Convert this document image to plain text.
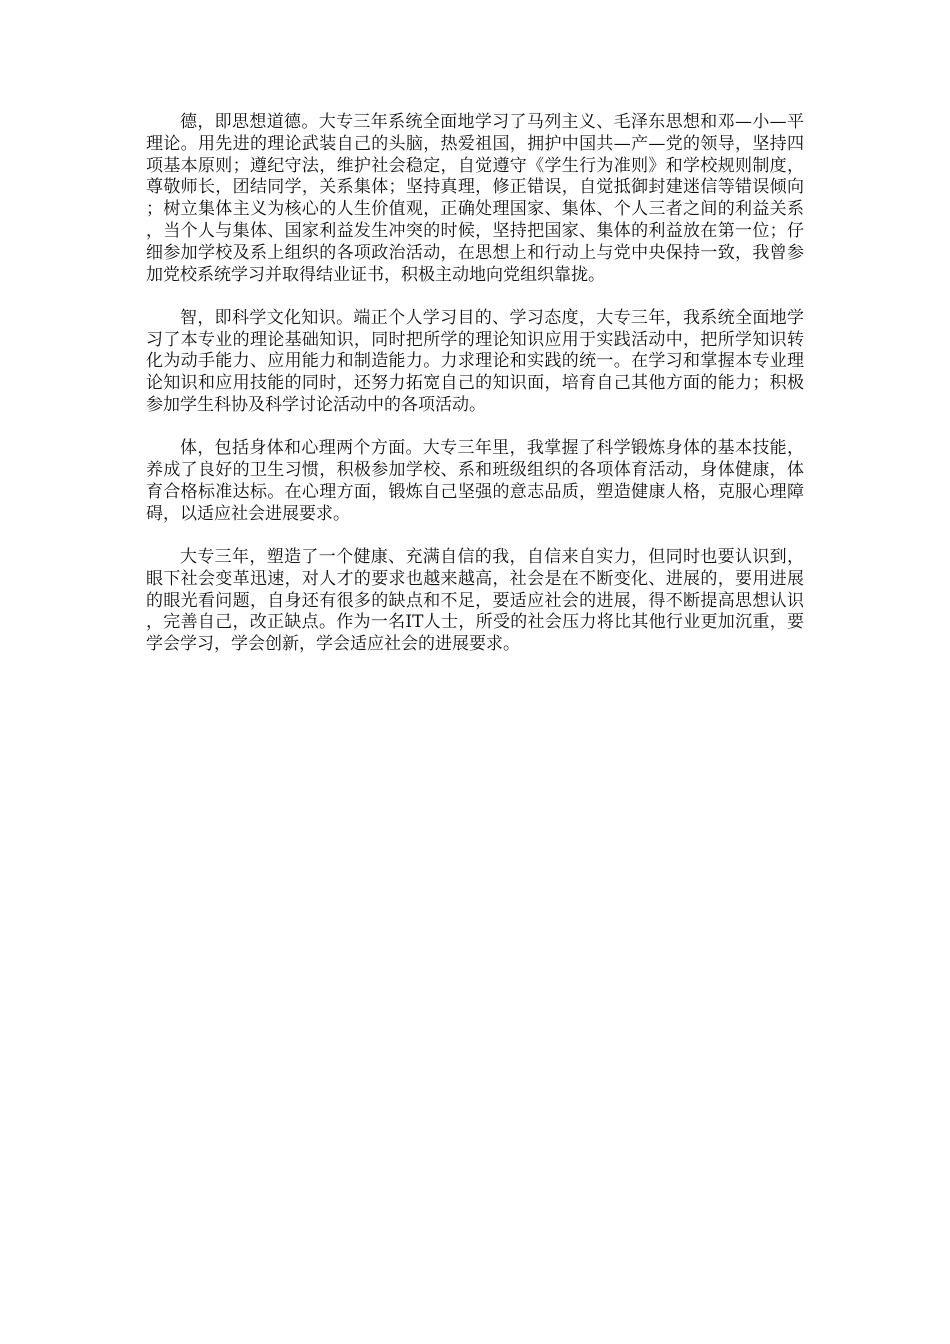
德，即思想道德。大专三年系统全面地学习了马列主义、毛泽东思想和邓—小—平理论。用先进的理论武装自己的头脑，热爱祖国，拥护中国共—产—党的领导，坚持四项基本原则；遵纪守法，维护社会稳定，自觉遵守《学生行为准则》和学校规则制度，尊敬师长，团结同学，关系集体；坚持真理，修正错误，自觉抵御封建迷信等错误倾向；树立集体主义为核心的人生价值观，正确处理国家、集体、个人三者之间的利益关系，当个人与集体、国家利益发生冲突的时候，坚持把国家、集体的利益放在第一位；仔细参加学校及系上组织的各项政治活动，在思想上和行动上与党中央保持一致，我曾参加党校系统学习并取得结业证书，积极主动地向党组织靠拢。

智，即科学文化知识。端正个人学习目的、学习态度，大专三年，我系统全面地学习了本专业的理论基础知识，同时把所学的理论知识应用于实践活动中，把所学知识转化为动手能力、应用能力和制造能力。力求理论和实践的统一。在学习和掌握本专业理论知识和应用技能的同时，还努力拓宽自己的知识面，培育自己其他方面的能力；积极参加学生科协及科学讨论活动中的各项活动。

体，包括身体和心理两个方面。大专三年里，我掌握了科学锻炼身体的基本技能，养成了良好的卫生习惯，积极参加学校、系和班级组织的各项体育活动，身体健康，体育合格标准达标。在心理方面，锻炼自己坚强的意志品质，塑造健康人格，克服心理障碍，以适应社会进展要求。

大专三年，塑造了一个健康、充满自信的我，自信来自实力，但同时也要认识到，眼下社会变革迅速，对人才的要求也越来越高，社会是在不断变化、进展的，要用进展的眼光看问题，自身还有很多的缺点和不足，要适应社会的进展，得不断提高思想认识，完善自己，改正缺点。作为一名IT人士，所受的社会压力将比其他行业更加沉重，要学会学习，学会创新，学会适应社会的进展要求。
